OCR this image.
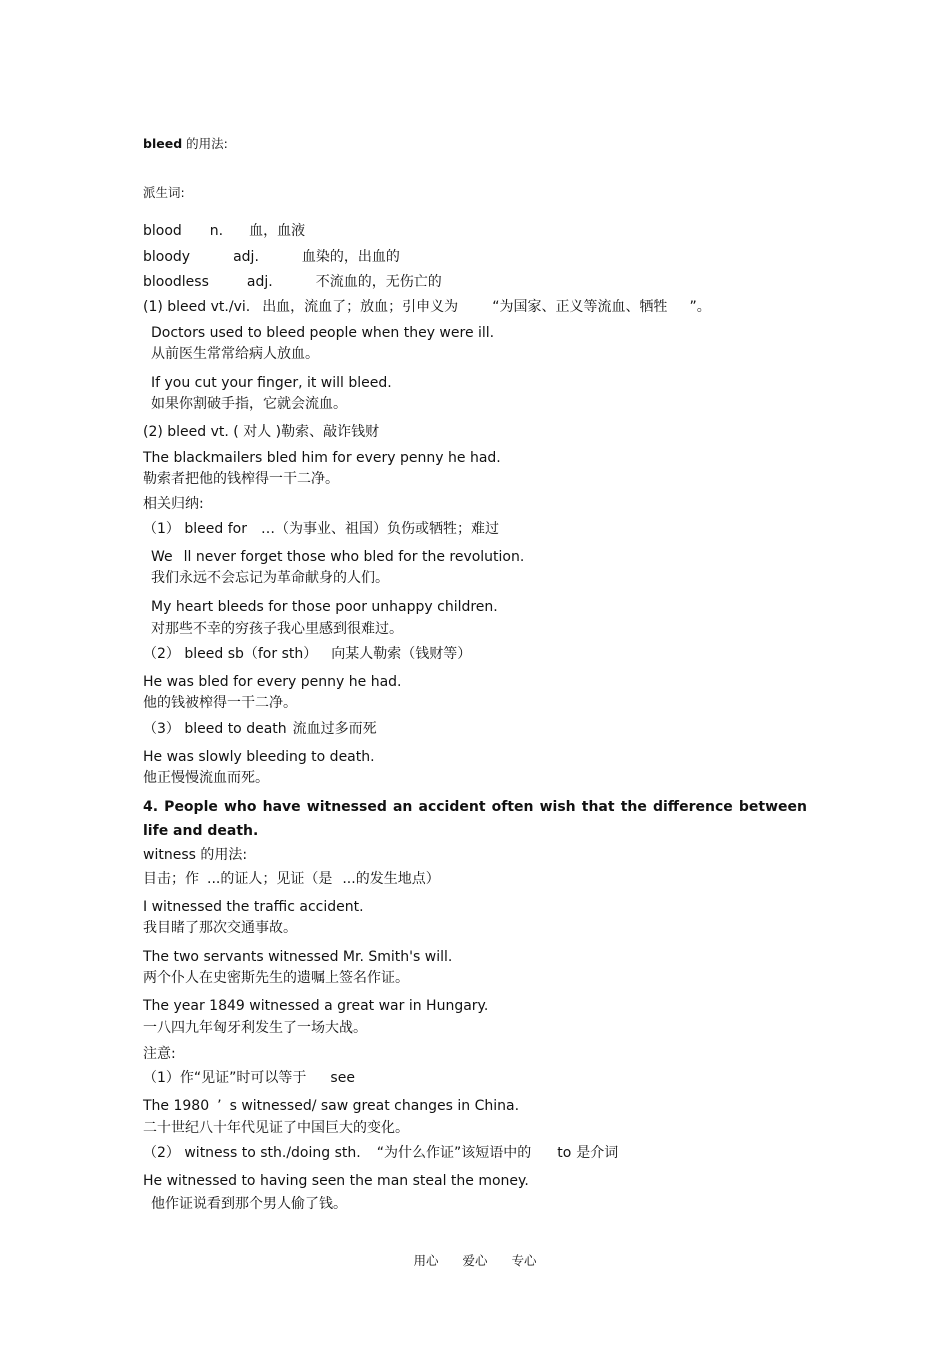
bleed 的用法:
派生词:
blood n. 血，血液
bloody	adj.	血染的，出血的
bloodless	adj.	不流血的，无伤亡的
(1) bleed vt./vi. 出血，流血了；放血；引申义为 “为国家、正义等流血、牺牲 ”。
Doctors used to bleed people when they were ill.
从前医生常常给病人放血。
If you cut your finger, it will bleed.
如果你割破手指，它就会流血。
(2) bleed vt. ( 对人 )勒索、敲诈钱财
The blackmailers bled him for every penny he had.
勒索者把他的钱榨得一干二净。
相关归纳:
（1） bleed for …（为事业、祖国）负伤或牺牲；难过
We ll never forget those who bled for the revolution.
我们永远不会忘记为革命献身的人们。
My heart bleeds for those poor unhappy children.
对那些不幸的穷孩子我心里感到很难过。
（2） bleed sb（for sth） 向某人勒索（钱财等）
He was bled for every penny he had.
他的钱被榨得一干二净。
（3） bleed to death 流血过多而死
He was slowly bleeding to death.
他正慢慢流血而死。
4. People who have witnessed an accident often wish that the difference between life and death.
witness 的用法:
目击；作 ...的证人；见证（是 ...的发生地点）
I witnessed the traffic accident.
我目睹了那次交通事故。
The two servants witnessed Mr. Smith's will.
两个仆人在史密斯先生的遗嘱上签名作证。
The year 1849 witnessed a great war in Hungary.
一八四九年匈牙利发生了一场大战。
注意:
（1）作“见证”时可以等于 see
The 1980 ’ s witnessed/ saw great changes in China.
二十世纪八十年代见证了中国巨大的变化。
（2） witness to sth./doing sth. “为什么作证”该短语中的 to 是介词
He witnessed to having seen the man steal the money.
他作证说看到那个男人偷了钱。
用心 爱心 专心
